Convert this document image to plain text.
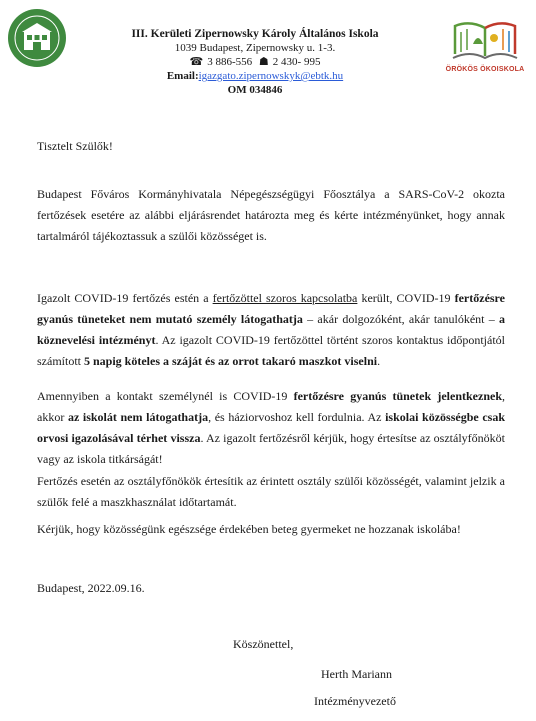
ÖRÖKÖS ÖKOISKOLA
III. Kerületi Zipernowsky Károly Általános Iskola
1039 Budapest, Zipernowsky u. 1-3.
☎ 3 886-556 ☗ 2 430- 995
Email:igazgato.zipernowskyk@ebtk.hu
OM 034846
Tisztelt Szülők!
Budapest Főváros Kormányhivatala Népegészségügyi Főosztálya a SARS-CoV-2 okozta fertőzések esetére az alábbi eljárásrendet határozta meg és kérte intézményünket, hogy annak tartalmáról tájékoztassuk a szülői közösséget is.
Igazolt COVID-19 fertőzés estén a fertőzöttel szoros kapcsolatba került, COVID-19 fertőzésre gyanús tüneteket nem mutató személy látogathatja – akár dolgozóként, akár tanulóként – a köznevelési intézményt. Az igazolt COVID-19 fertőzöttel történt szoros kontaktus időpontjától számított 5 napig köteles a száját és az orrot takaró maszkot viselni.
Amennyiben a kontakt személynél is COVID-19 fertőzésre gyanús tünetek jelentkeznek, akkor az iskolát nem látogathatja, és háziorvoshoz kell fordulnia. Az iskolai közösségbe csak orvosi igazolásával térhet vissza. Az igazolt fertőzésről kérjük, hogy értesítse az osztályfőnököt vagy az iskola titkárságát!
Fertőzés esetén az osztályfőnökök értesítik az érintett osztály szülői közösségét, valamint jelzik a szülők felé a maszkhasználat időtartamát.
Kérjük, hogy közösségünk egészsége érdekében beteg gyermeket ne hozzanak iskolába!
Budapest, 2022.09.16.
Köszönettel,
Herth Mariann
Intézményvezető
